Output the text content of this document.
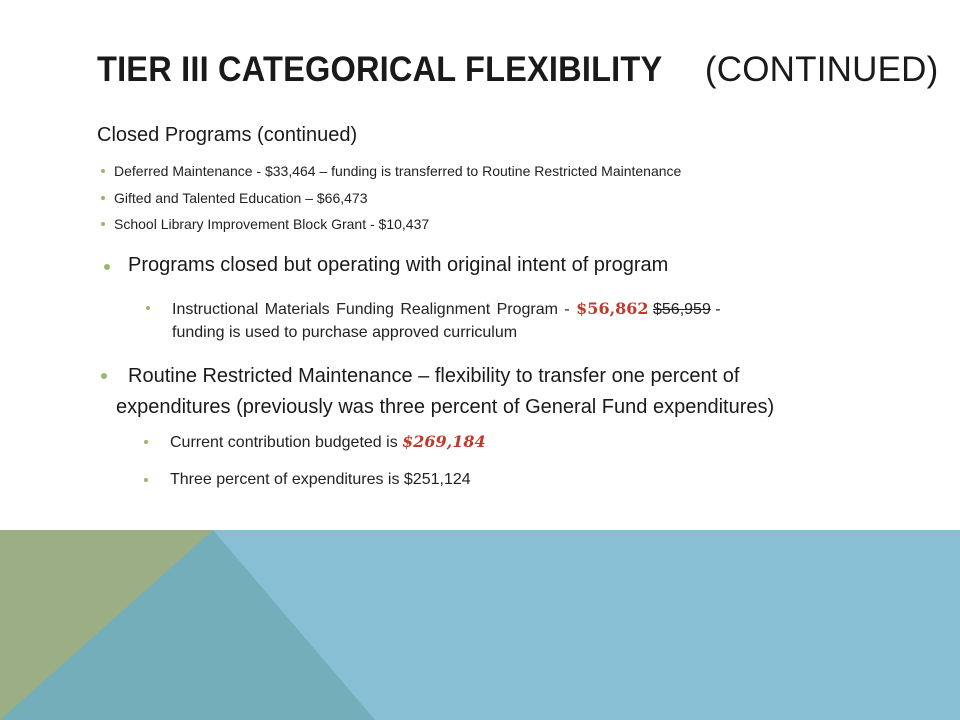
TIER III CATEGORICAL FLEXIBILITY(CONTINUED)
Closed Programs (continued)
Deferred Maintenance - $33,464 – funding is transferred to Routine Restricted Maintenance
Gifted and Talented Education – $66,473
School Library Improvement Block Grant - $10,437
Programs closed but operating with original intent of program
Instructional Materials Funding Realignment Program - $56,862 $56,959 -
funding is used to purchase approved curriculum
Routine Restricted Maintenance – flexibility to transfer one percent of
expenditures (previously was three percent of General Fund expenditures)
Current contribution budgeted is $269,184
Three percent of expenditures is $251,124
